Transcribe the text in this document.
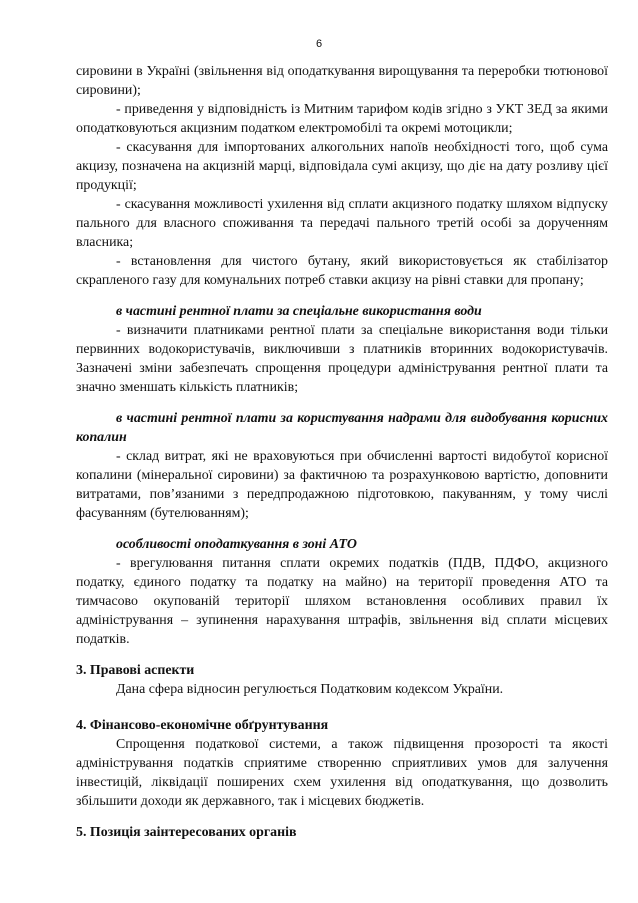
6

сировини в Україні (звільнення від оподаткування вирощування та переробки тютюнової сировини);

- приведення у відповідність із Митним тарифом кодів згідно з УКТ ЗЕД за якими оподатковуються акцизним податком електромобілі та окремі мотоцикли;

- скасування для імпортованих алкогольних напоїв необхідності того, щоб сума акцизу, позначена на акцизній марці, відповідала сумі акцизу, що діє на дату розливу цієї продукції;

- скасування можливості ухилення від сплати акцизного податку шляхом відпуску пального для власного споживання та передачі пального третій особі за дорученням власника;

- встановлення для чистого бутану, який використовується як стабілізатор скрапленого газу для комунальних потреб ставки акцизу на рівні ставки для пропану;

в частині рентної плати за спеціальне використання води

- визначити платниками рентної плати за спеціальне використання води тільки первинних водокористувачів, виключивши з платників вторинних водокористувачів. Зазначені зміни забезпечать спрощення процедури адміністрування рентної плати та значно зменшать кількість платників;

в частині рентної плати за користування надрами для видобування корисних копалин

- склад витрат, які не враховуються при обчисленні вартості видобутої корисної копалини (мінеральної сировини) за фактичною та розрахунковою вартістю, доповнити витратами, пов’язаними з передпродажною підготовкою, пакуванням, у тому числі фасуванням (бутелюванням);

особливості оподаткування в зоні АТО

- врегулювання питання сплати окремих податків (ПДВ, ПДФО, акцизного податку, єдиного податку та податку на майно) на території проведення АТО та тимчасово окупованій території шляхом встановлення особливих правил їх адміністрування – зупинення нарахування штрафів, звільнення від сплати місцевих податків.

3. Правові аспекти

Дана сфера відносин регулюється Податковим кодексом України.

4. Фінансово-економічне обґрунтування

Спрощення податкової системи, а також підвищення прозорості та якості адміністрування податків сприятиме створенню сприятливих умов для залучення інвестицій, ліквідації поширених схем ухилення від оподаткування, що дозволить збільшити доходи як державного, так і місцевих бюджетів.

5. Позиція заінтересованих органів
